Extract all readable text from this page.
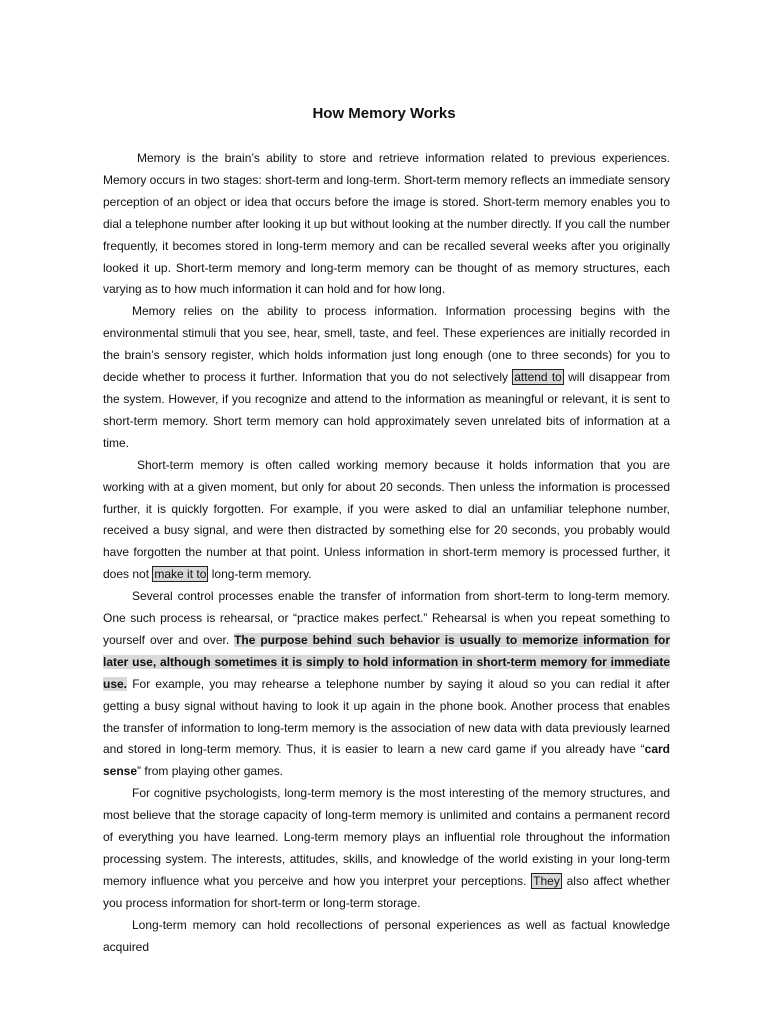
How Memory Works

Memory is the brain’s ability to store and retrieve information related to previous experiences. Memory occurs in two stages: short-term and long-term. Short-term memory reflects an immediate sensory perception of an object or idea that occurs before the image is stored. Short-term memory enables you to dial a telephone number after looking it up but without looking at the number directly. If you call the number frequently, it becomes stored in long-term memory and can be recalled several weeks after you originally looked it up. Short-term memory and long-term memory can be thought of as memory structures, each varying as to how much information it can hold and for how long.

Memory relies on the ability to process information. Information processing begins with the environmental stimuli that you see, hear, smell, taste, and feel. These experiences are initially recorded in the brain’s sensory register, which holds information just long enough (one to three seconds) for you to decide whether to process it further. Information that you do not selectively attend to will disappear from the system. However, if you recognize and attend to the information as meaningful or relevant, it is sent to short-term memory. Short term memory can hold approximately seven unrelated bits of information at a time.

Short-term memory is often called working memory because it holds information that you are working with at a given moment, but only for about 20 seconds. Then unless the information is processed further, it is quickly forgotten. For example, if you were asked to dial an unfamiliar telephone number, received a busy signal, and were then distracted by something else for 20 seconds, you probably would have forgotten the number at that point. Unless information in short-term memory is processed further, it does not make it to long-term memory.

Several control processes enable the transfer of information from short-term to long-term memory. One such process is rehearsal, or “practice makes perfect.” Rehearsal is when you repeat something to yourself over and over. The purpose behind such behavior is usually to memorize information for later use, although sometimes it is simply to hold information in short-term memory for immediate use. For example, you may rehearse a telephone number by saying it aloud so you can redial it after getting a busy signal without having to look it up again in the phone book. Another process that enables the transfer of information to long-term memory is the association of new data with data previously learned and stored in long-term memory. Thus, it is easier to learn a new card game if you already have “card sense” from playing other games.

For cognitive psychologists, long-term memory is the most interesting of the memory structures, and most believe that the storage capacity of long-term memory is unlimited and contains a permanent record of everything you have learned. Long-term memory plays an influential role throughout the information processing system. The interests, attitudes, skills, and knowledge of the world existing in your long-term memory influence what you perceive and how you interpret your perceptions. They also affect whether you process information for short-term or long-term storage.

Long-term memory can hold recollections of personal experiences as well as factual knowledge acquired
